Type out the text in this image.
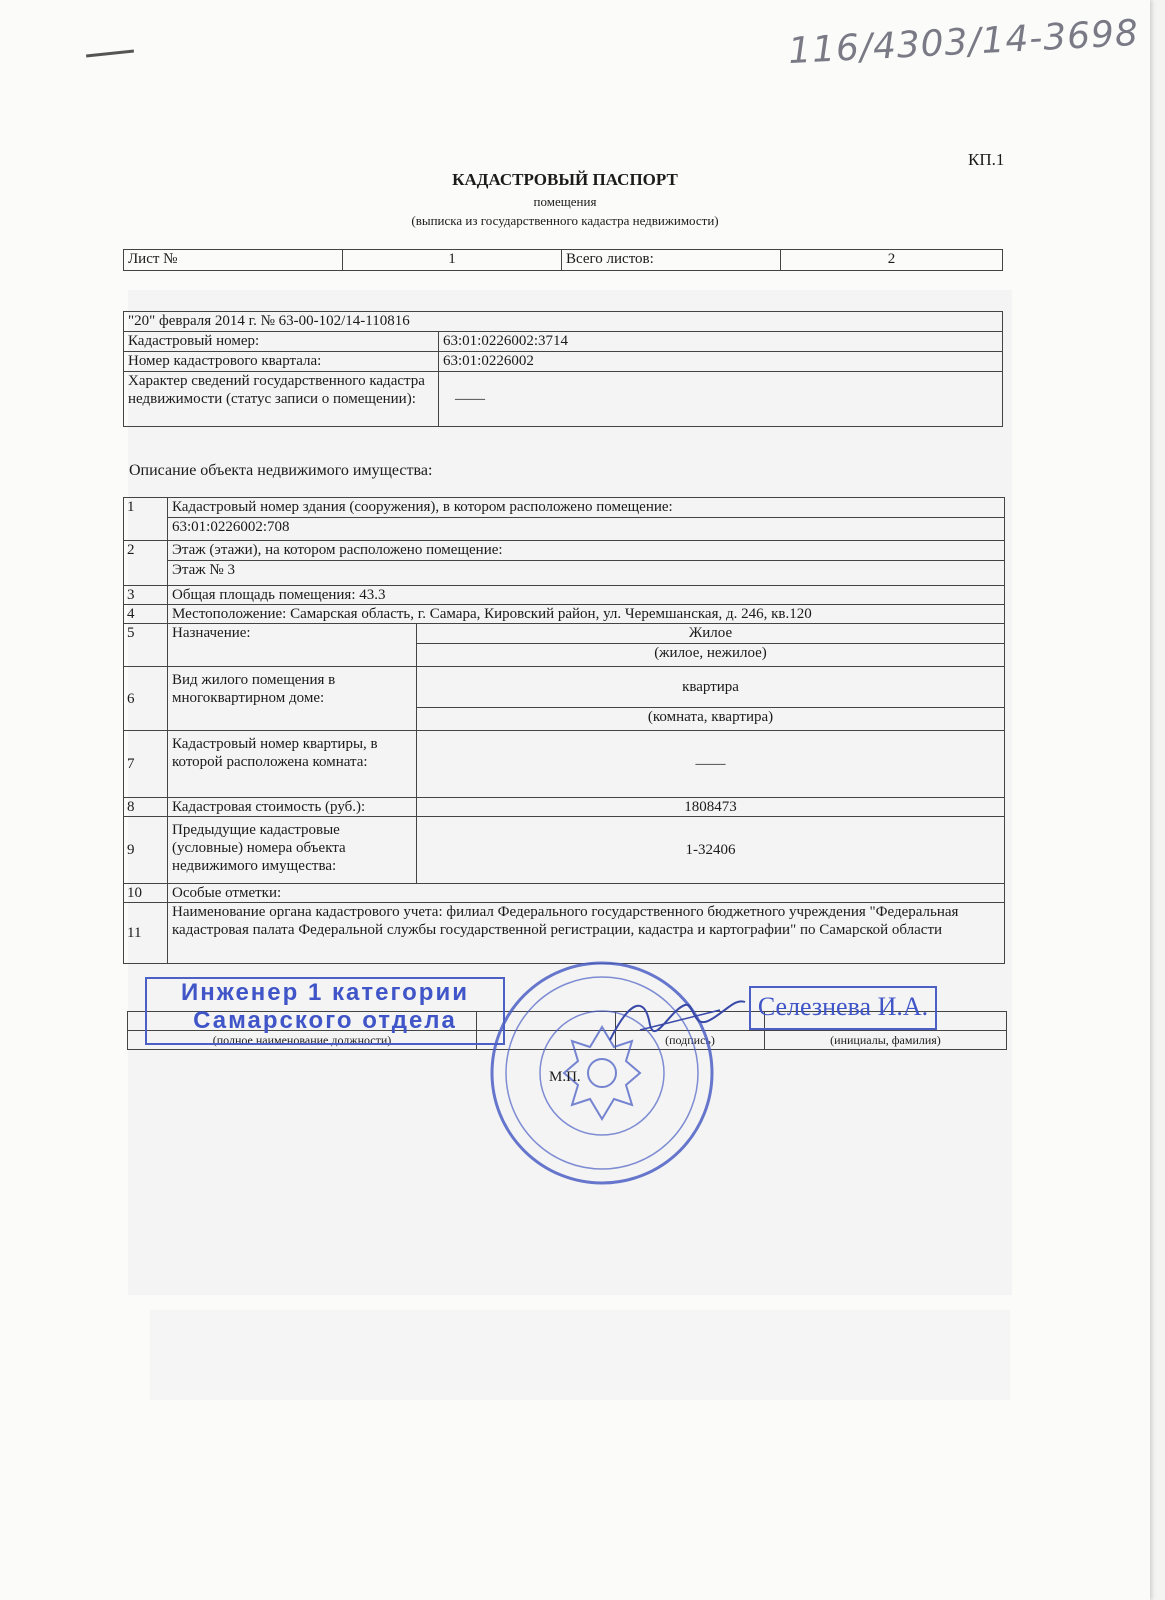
116/4303/14-3698
КП.1
КАДАСТРОВЫЙ ПАСПОРТ
помещения
(выписка из государственного кадастра недвижимости)
Лист №	1	Всего листов:	2
"20" февраля 2014 г. № 63-00-102/14-110816	
Кадастровый номер:	63:01:0226002:3714
Номер кадастрового квартала:	63:01:0226002
Характер сведений государственного кадастра недвижимости (статус записи о помещении):	——
Описание объекта недвижимого имущества:
1	Кадастровый номер здания (сооружения), в котором расположено помещение:	
	63:01:0226002:708	
2	Этаж (этажи), на котором расположено помещение:	
	Этаж № 3	
3	Общая площадь помещения: 43.3	
4	Местоположение: Самарская область, г. Самара, Кировский район, ул. Черемшанская, д. 246, кв.120	
5	Назначение:	Жилое
		(жилое, нежилое)
6	Вид жилого помещения в многоквартирном доме:	квартира
		(комната, квартира)
7	Кадастровый номер квартиры, в которой расположена комната:	——
8	Кадастровая стоимость (руб.):	1808473
9	Предыдущие кадастровые (условные) номера объекта недвижимого имущества:	1-32406
10	Особые отметки:	
11	Наименование органа кадастрового учета: филиал Федерального государственного бюджетного учреждения "Федеральная кадастровая палата Федеральной службы государственной регистрации, кадастра и картографии" по Самарской области	

(полное наименование должности)		(подпись)	(инициалы, фамилия)
Инженер 1 категории
Самарского отдела	Селезнева И.А.
М.П.
